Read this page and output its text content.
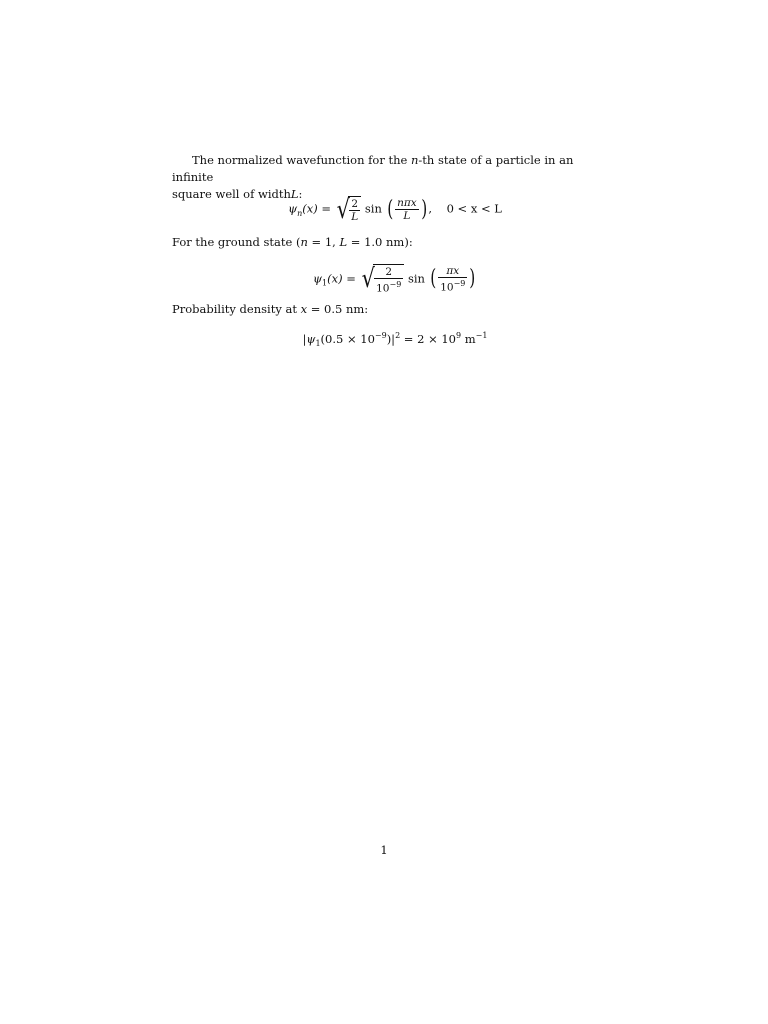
The normalized wavefunction for the n-th state of a particle in an infinite
square well of widthL:
$\psi_n(x)$ = √ $\frac{2}{L}$ sin ( $\frac{\text{nπx}}{L}$ ),    0 < x < L
For the ground state (n = 1, L = 1.0 nm):
$\psi_1(x)$ = √ $\frac{2}{10^{-9}}$ sin ( $\frac{\pi x}{10^{-9}}$ )
Probability density at x = 0.5 nm:
$|\psi_1(0.5 \times 10^{-9})|^2 = 2 \times 10^9$ $m^{-1}$
1
